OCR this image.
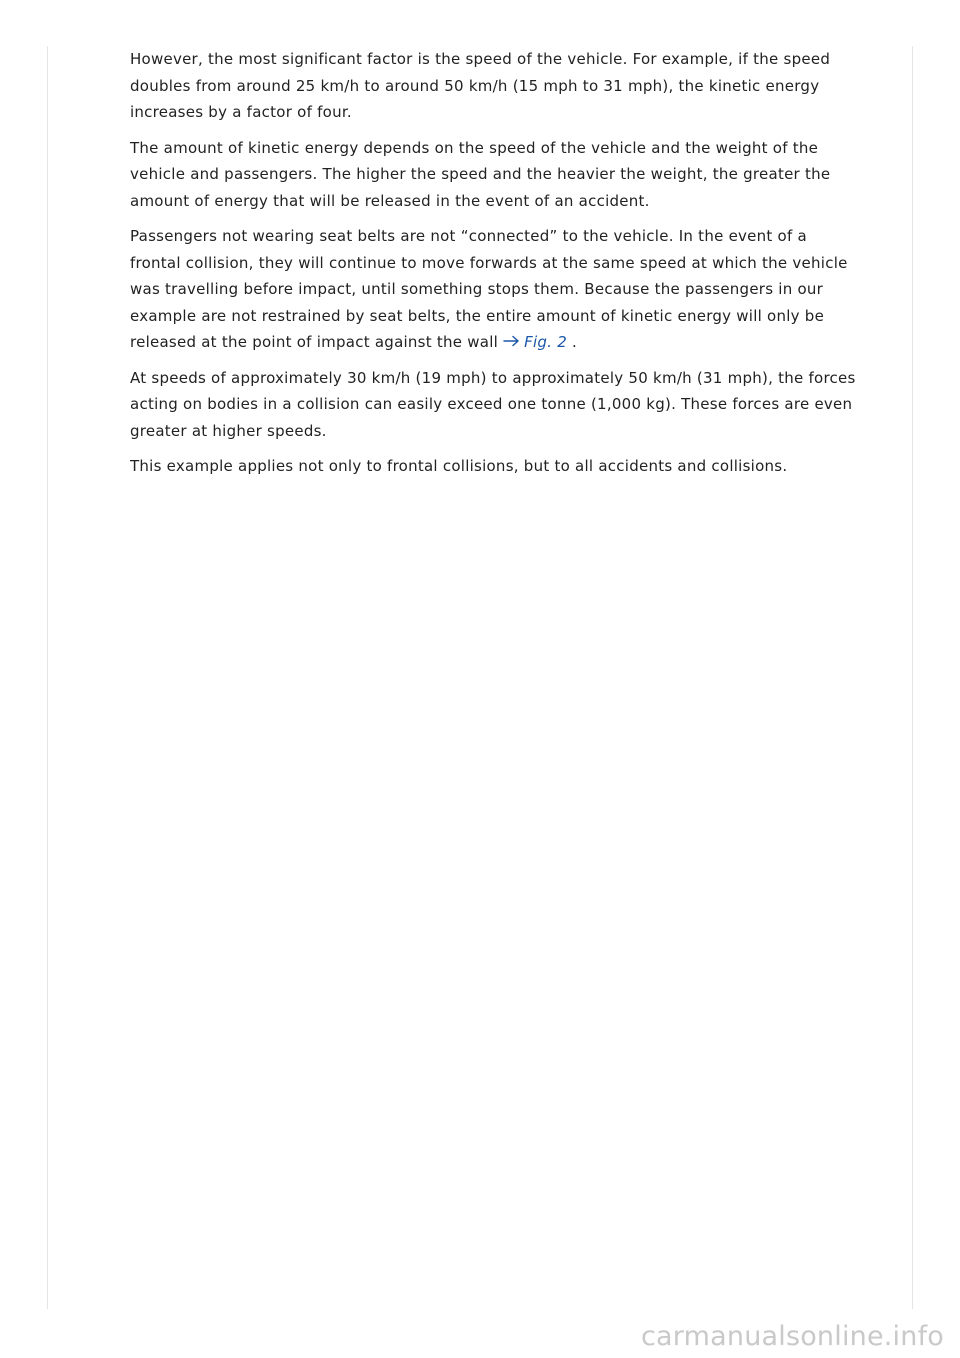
However, the most significant factor is the speed of the vehicle. For example, if the speed doubles from around 25 km/h to around 50 km/h (15 mph to 31 mph), the kinetic energy increases by a factor of four.

The amount of kinetic energy depends on the speed of the vehicle and the weight of the vehicle and passengers. The higher the speed and the heavier the weight, the greater the amount of energy that will be released in the event of an accident.

Passengers not wearing seat belts are not “connected” to the vehicle. In the event of a frontal collision, they will continue to move forwards at the same speed at which the vehicle was travelling before impact, until something stops them. Because the passengers in our example are not restrained by seat belts, the entire amount of kinetic energy will only be released at the point of impact against the wall Fig. 2 .

At speeds of approximately 30 km/h (19 mph) to approximately 50 km/h (31 mph), the forces acting on bodies in a collision can easily exceed one tonne (1,000 kg). These forces are even greater at higher speeds.

This example applies not only to frontal collisions, but to all accidents and collisions.

carmanualsonline.info
